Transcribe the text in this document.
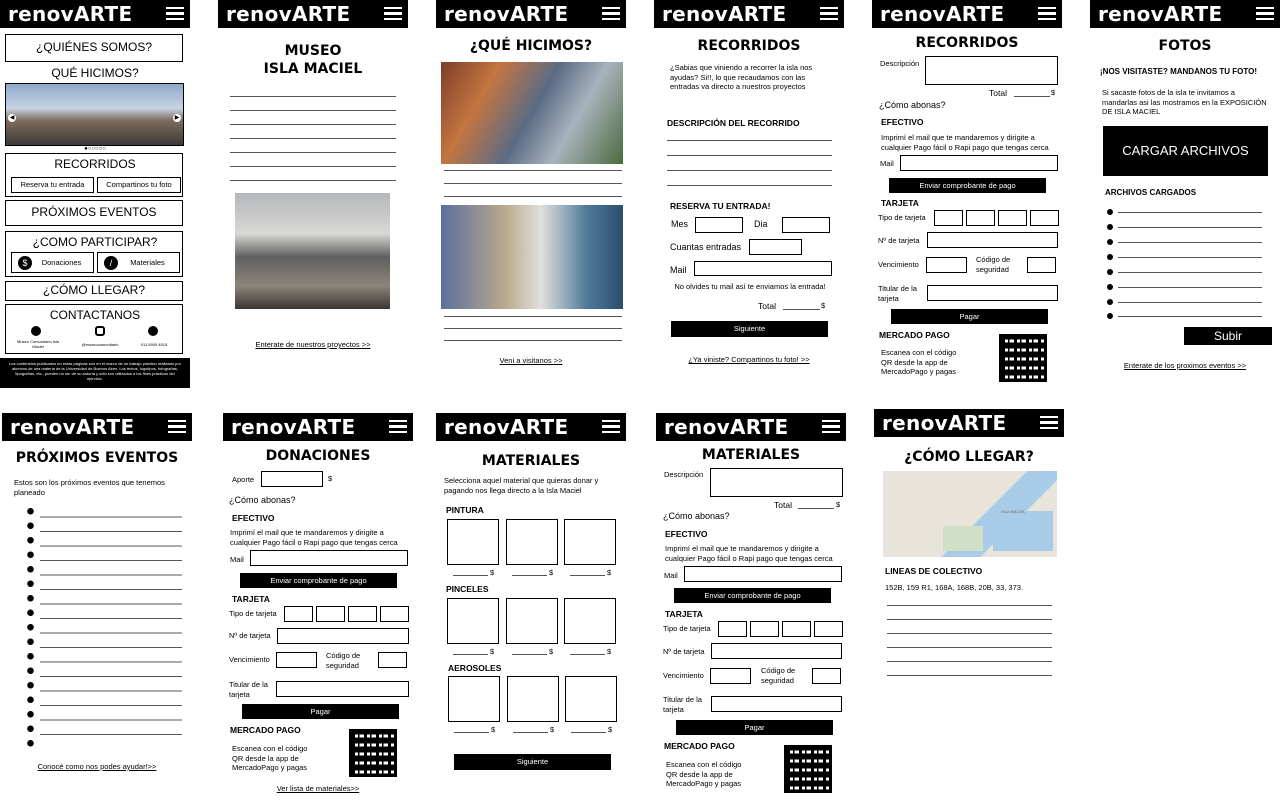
renovARTE
¿QUIÉNES SOMOS?
QUÉ HICIMOS?
◀	▶
●○○○○○
RECORRIDOS
Reserva tu entrada	Compartinos tu foto
PRÓXIMOS EVENTOS
¿COMO PARTICIPAR?
$	Donaciones	/	Materiales
¿CÓMO LLEGAR?
CONTACTANOS
Museo Comunitario Isla Maciel	@museocomunitario	011 5905 4515
Los contenidos publicados en estas páginas son en el marco de un trabajo práctico realizado por alumnos de una materia de la Universidad de Buenos Aires. Los textos, logotipos, fotografías, tipografías, etc., pueden no ser de su autoría y sólo son utilizados a los fines prácticos del ejercicio.
renovARTE
MUSEO
ISLA MACIEL
Enterate de nuestros proyectos >>
renovARTE
¿QUÉ HICIMOS?
Veni a visitanos >>
renovARTE
RECORRIDOS
¿Sabias que viniendo a recorrer la isla nos ayudas? Si!!, lo que recaudamos con las entradas va directo a nuestros proyectos
DESCRIPCIÓN DEL RECORRIDO
RESERVA TU ENTRADA!
Mes	Dia
Cuantas entradas
Mail
No olvides tu mail así te enviamos la entrada!
Total	$
Siguiente
¿Ya viniste? Compartinos tu foto! >>
renovARTE
RECORRIDOS
Descripción
Total	$
¿Cómo abonas?
EFECTIVO
Imprimí el mail que te mandaremos y dirigite a cualquier Pago fácil o Rapi pago que tengas cerca
Mail
Enviar comprobante de pago
TARJETA
Tipo de tarjeta
Nº de tarjeta
Vencimiento
Código de seguridad
Titular de la tarjeta
Pagar
MERCADO PAGO
Escanea con el código QR desde la app de MercadoPago y pagas
renovARTE
FOTOS
¡NOS VISITASTE? MANDANOS TU FOTO!
Si sacaste fotos de la isla te invitamos a mandarlas asi las mostramos en la EXPOSICIÓN DE ISLA MACIEL
CARGAR ARCHIVOS
ARCHIVOS CARGADOS
Subir
Enterate de los proximos eventos >>
renovARTE
PRÓXIMOS EVENTOS
Estos son los próximos eventos que tenemos planeado
Conocé como nos podes ayudar!>>
renovARTE
DONACIONES
Aporte	$
¿Cómo abonas?
EFECTIVO
Imprimí el mail que te mandaremos y dirigite a cualquier Pago fácil o Rapi pago que tengas cerca
Mail
Enviar comprobante de pago
TARJETA
Tipo de tarjeta
Nº de tarjeta
Vencimiento	Código de seguridad
Titular de la tarjeta
Pagar
MERCADO PAGO
Escanea con el código QR desde la app de MercadoPago y pagas
Ver lista de materiales>>
renovARTE
MATERIALES
Selecciona aquel material que quieras donar y pagando nos llega directo a la Isla Maciel
PINTURA
$	$	$
PINCELES
$	$	$
AEROSOLES
$	$	$
Siguiente
renovARTE
MATERIALES
Descripción
Total	$
¿Cómo abonas?
EFECTIVO
Imprimí el mail que te mandaremos y dirigite a cualquier Pago fácil o Rapi pago que tengas cerca
Mail
Enviar comprobante de pago
TARJETA
Tipo de tarjeta
Nº de tarjeta
Vencimiento
Código de seguridad
Titular de la tarjeta
Pagar
MERCADO PAGO
Escanea con el código QR desde la app de MercadoPago y pagas
renovARTE
¿CÓMO LLEGAR?
ISLA MACIEL
LINEAS DE COLECTIVO
152B, 159 R1, 168A, 168B, 20B, 33, 373.
